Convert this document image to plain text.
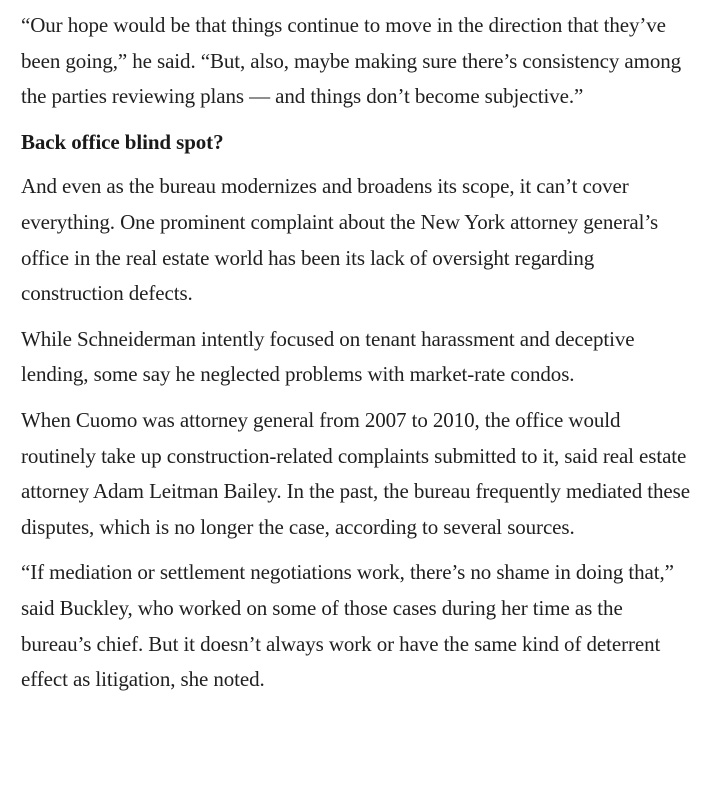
“Our hope would be that things continue to move in the direction that they’ve been going,” he said. “But, also, maybe making sure there’s consistency among the parties reviewing plans — and things don’t become subjective.”

Back office blind spot?

And even as the bureau modernizes and broadens its scope, it can’t cover everything. One prominent complaint about the New York attorney general’s office in the real estate world has been its lack of oversight regarding construction defects.

While Schneiderman intently focused on tenant harassment and deceptive lending, some say he neglected problems with market-rate condos.

When Cuomo was attorney general from 2007 to 2010, the office would routinely take up construction-related complaints submitted to it, said real estate attorney Adam Leitman Bailey. In the past, the bureau frequently mediated these disputes, which is no longer the case, according to several sources.

“If mediation or settlement negotiations work, there’s no shame in doing that,” said Buckley, who worked on some of those cases during her time as the bureau’s chief. But it doesn’t always work or have the same kind of deterrent effect as litigation, she noted.
